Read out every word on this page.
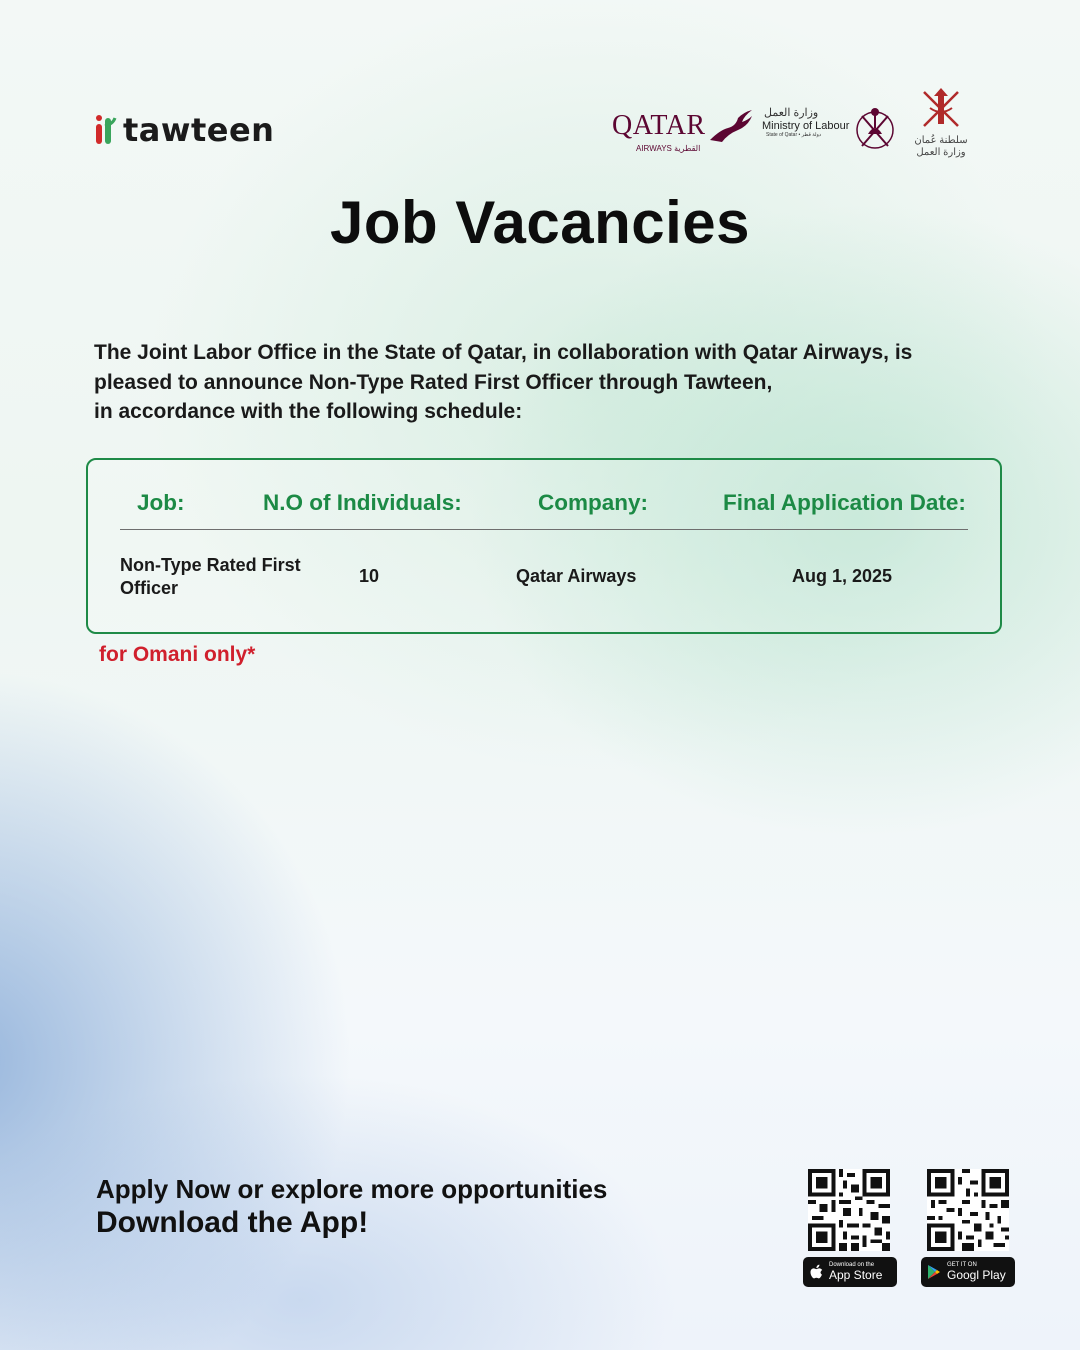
tawteen	QATAR
AIRWAYS القطرية
وزارة العمل
Ministry of Labour
State of Qatar • دولة قطر	سلطنة عُمان وزارة العمل
Job Vacancies
The Joint Labor Office in the State of Qatar, in collaboration with Qatar Airways, is
pleased to announce Non-Type Rated First Officer through Tawteen,
in accordance with the following schedule:
Job:	N.O of Individuals:	Company:	Final Application Date:
Non-Type Rated First
Officer
10	Qatar Airways	Aug 1, 2025
for Omani only*
Apply Now or explore more opportunities
Download the App!
Download on the
App Store
GET IT ON
Googl Play
